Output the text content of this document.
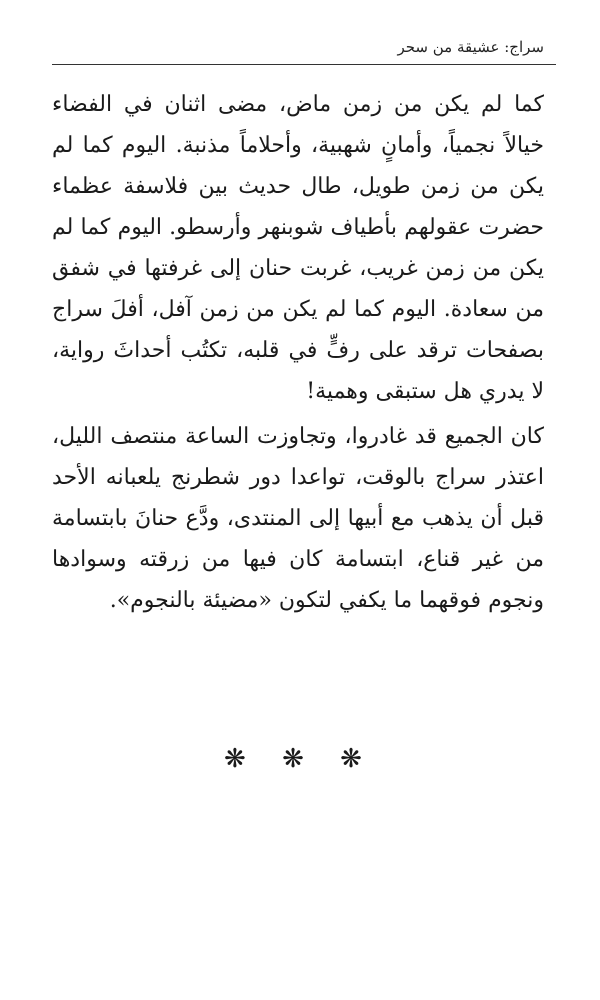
سراج: عشيقة من سحر

كما لم يكن من زمن ماض، مضى اثنان في الفضاء خيالاً نجمياً، وأمانٍ شهبية، وأحلاماً مذنبة. اليوم كما لم يكن من زمن طويل، طال حديث بين فلاسفة عظماء حضرت عقولهم بأطياف شوبنهر وأرسطو. اليوم كما لم يكن من زمن غريب، غربت حنان إلى غرفتها في شفق من سعادة. اليوم كما لم يكن من زمن آفل، أفلَ سراج بصفحات ترقد على رفٍّ في قلبه، تكتُب أحداثَ رواية، لا يدري هل ستبقى وهمية!

كان الجميع قد غادروا، وتجاوزت الساعة منتصف الليل، اعتذر سراج بالوقت، تواعدا دور شطرنج يلعبانه الأحد قبل أن يذهب مع أبيها إلى المنتدى، ودَّع حنانَ بابتسامة من غير قناع، ابتسامة كان فيها من زرقته وسوادها ونجوم فوقهما ما يكفي لتكون «مضيئة بالنجوم».

❋ ❋ ❋
